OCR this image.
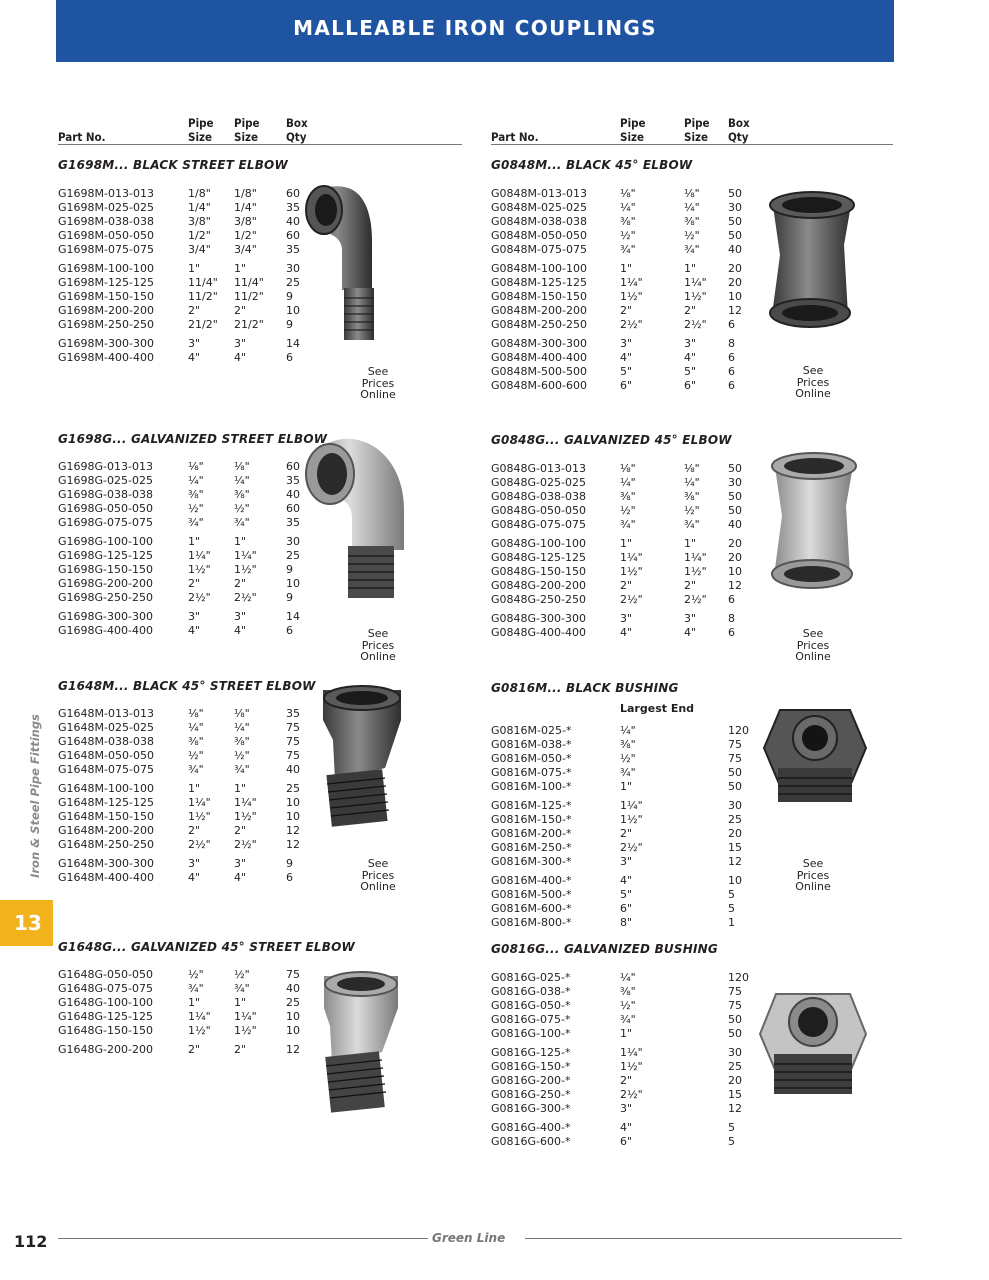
MALLEABLE IRON COUPLINGS
Part No.
Pipe
Size
Pipe
Size
Box
Qty	Part No.
Pipe
Size
Pipe
Size
Box
Qty
G1698M... BLACK STREET ELBOW
G1698M-013-013	1/8" 1/8"	60
G1698M-025-025	1/4" 1/4"	35
G1698M-038-038	3/8" 3/8"	40
G1698M-050-050	1/2" 1/2"	60
G1698M-075-075	3/4" 3/4"	35
G1698M-100-100	1"	1"	30
G1698M-125-125	11/4" 11/4" 25
G1698M-150-150	11/2" 11/2" 9
G1698M-200-200	2"	2"	10
G1698M-250-250	21/2" 21/2" 9
G1698M-300-300	3"	3"	14
G1698M-400-400	4"	4"	6
G1698G... GALVANIZED STREET ELBOW
G1698G-013-013	⅛"	⅛"	60
G1698G-025-025	¼"	¼"	35
G1698G-038-038	⅜"	⅜"	40
G1698G-050-050	½"	½"	60
G1698G-075-075	¾"	¾"	35
G1698G-100-100	1"	1"	30
G1698G-125-125	1¼" 1¼"	25
G1698G-150-150	1½" 1½"	9
G1698G-200-200	2"	2"	10
G1698G-250-250	2½" 2½"	9
G1698G-300-300	3"	3"	14
G1698G-400-400	4"	4"	6
G1648M... BLACK 45° STREET ELBOW
G1648M-013-013	⅛"	⅛"	35
G1648M-025-025	¼"	¼"	75
G1648M-038-038	⅜"	⅜"	75
G1648M-050-050	½"	½"	75
G1648M-075-075	¾"	¾"	40
G1648M-100-100	1"	1"	25
G1648M-125-125	1¼" 1¼"	10
G1648M-150-150	1½" 1½"	10
G1648M-200-200	2"	2"	12
G1648M-250-250	2½" 2½"	12
G1648M-300-300	3"	3"	9
G1648M-400-400	4"	4"	6
G1648G... GALVANIZED 45° STREET ELBOW
G1648G-050-050	½"	½"	75
G1648G-075-075	¾"	¾"	40
G1648G-100-100	1"	1"	25
G1648G-125-125	1¼" 1¼"	10
G1648G-150-150	1½" 1½"	10
G1648G-200-200	2"	2"	12
G0848M... BLACK 45° ELBOW
G0848M-013-013	⅛"	⅛"	50
G0848M-025-025	¼"	¼"	30
G0848M-038-038	⅜"	⅜"	50
G0848M-050-050	½"	½"	50
G0848M-075-075	¾"	¾"	40
G0848M-100-100	1"	1"	20
G0848M-125-125	1¼"	1¼" 20
G0848M-150-150	1½"	1½" 10
G0848M-200-200	2"	2"	12
G0848M-250-250	2½"	2½" 6
G0848M-300-300	3"	3"	8
G0848M-400-400	4"	4"	6
G0848M-500-500	5"	5"	6
G0848M-600-600	6"	6"	6
G0848G... GALVANIZED 45° ELBOW
G0848G-013-013	⅛"	⅛"	50
G0848G-025-025	¼"	¼"	30
G0848G-038-038	⅜"	⅜"	50
G0848G-050-050	½"	½"	50
G0848G-075-075	¾"	¾"	40
G0848G-100-100	1"	1"	20
G0848G-125-125	1¼"	1¼" 20
G0848G-150-150	1½"	1½" 10
G0848G-200-200	2"	2"	12
G0848G-250-250	2½"	2½" 6
G0848G-300-300	3"	3"	8
G0848G-400-400	4"	4"	6
G0816M... BLACK BUSHING
Largest End
G0816M-025-*	¼"	120
G0816M-038-*	⅜"	75
G0816M-050-*	½"	75
G0816M-075-*	¾"	50
G0816M-100-*	1"	50
G0816M-125-*	1¼"	30
G0816M-150-*	1½"	25
G0816M-200-*	2"	20
G0816M-250-*	2½"	15
G0816M-300-*	3"	12
G0816M-400-*	4"	10
G0816M-500-*	5"	5
G0816M-600-*	6"	5
G0816M-800-*	8"	1
G0816G... GALVANIZED BUSHING
G0816G-025-*	¼"	120
G0816G-038-*	⅜"	75
G0816G-050-*	½"	75
G0816G-075-*	¾"	50
G0816G-100-*	1"	50
G0816G-125-*	1¼"	30
G0816G-150-*	1½"	25
G0816G-200-*	2"	20
G0816G-250-*	2½"	15
G0816G-300-*	3"	12
G0816G-400-*	4"	5
G0816G-600-*	6"	5
See
Prices
Online
See
Prices
Online
See
Prices
Online
See
Prices
Online
See
Prices
Online
See
Prices
Online
Iron & Steel Pipe Fittings
13
112	Green Line
